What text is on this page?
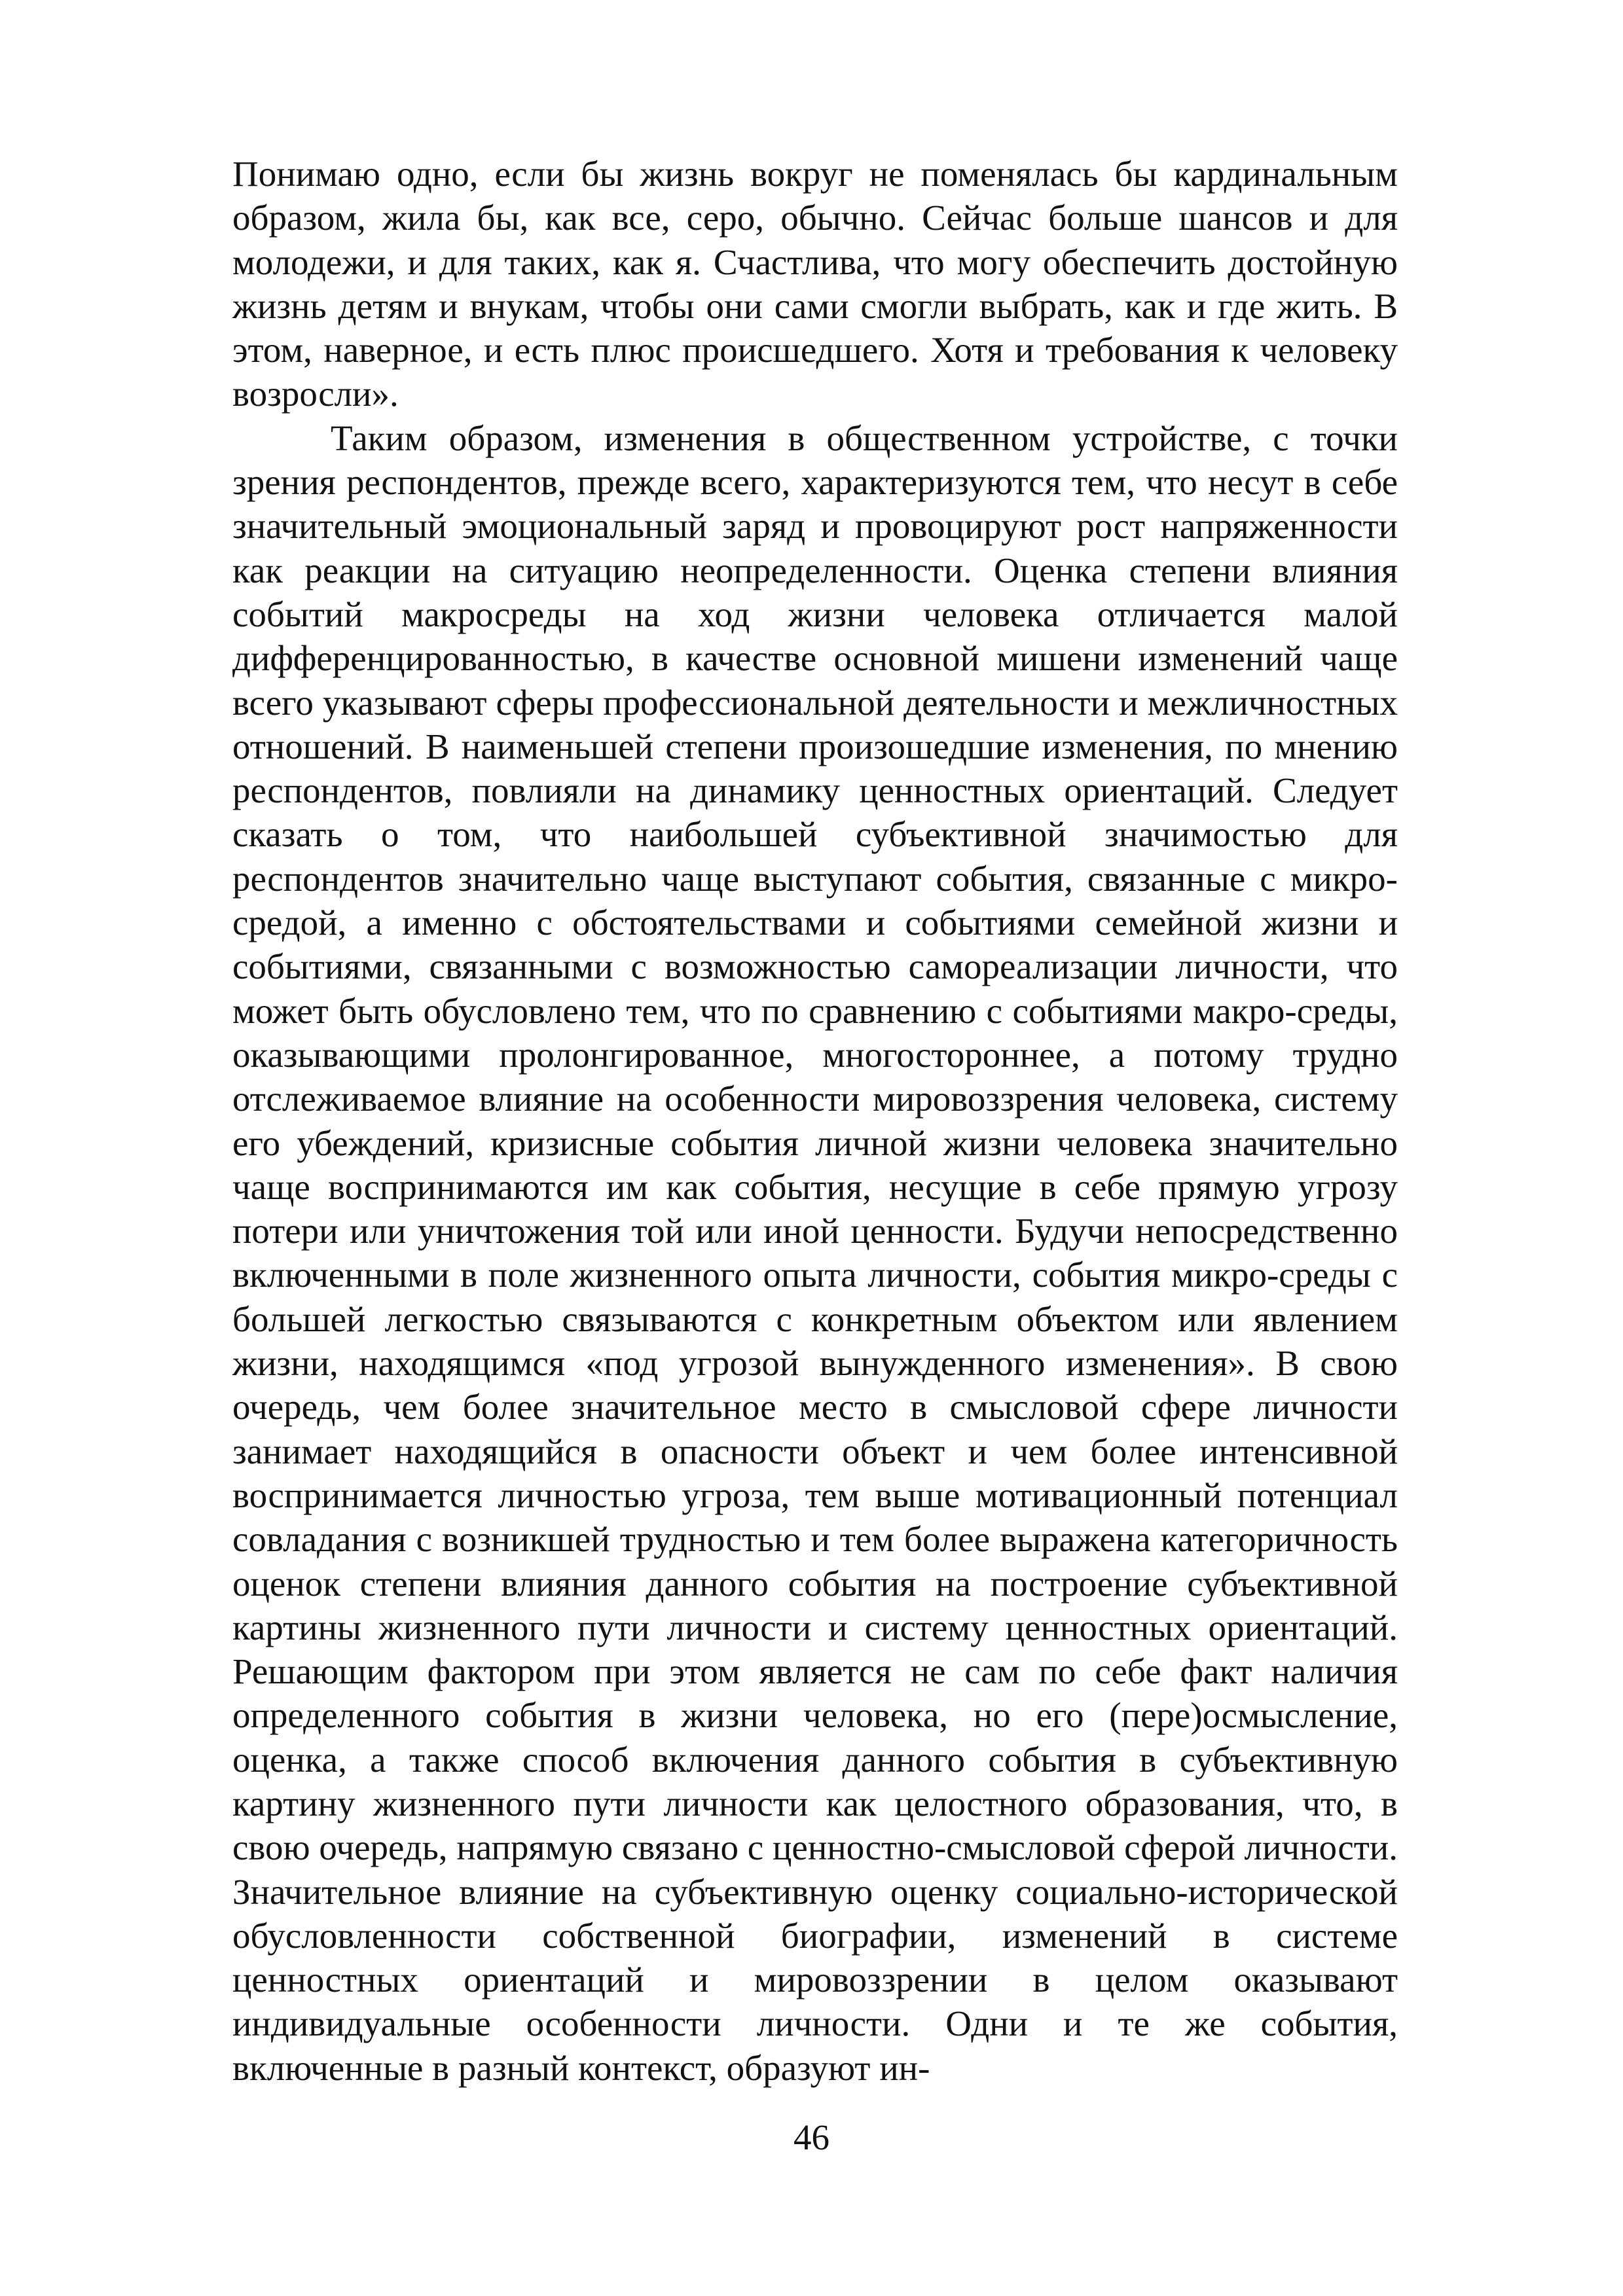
Понимаю одно, если бы жизнь вокруг не поменялась бы кардинальным образом, жила бы, как все, серо, обычно. Сейчас больше шансов и для молодежи, и для таких, как я. Счастлива, что могу обеспечить достойную жизнь детям и внукам, чтобы они сами смогли выбрать, как и где жить. В этом, наверное, и есть плюс происшедшего. Хотя и требования к человеку возросли».

Таким образом, изменения в общественном устройстве, с точки зрения респондентов, прежде всего, характеризуются тем, что несут в себе значительный эмоциональный заряд и провоцируют рост напряженности как реакции на ситуацию неопределенности. Оценка степени влияния событий макросреды на ход жизни человека отличается малой дифференцированностью, в качестве основной мишени изменений чаще всего указывают сферы профессиональной деятельности и межличностных отношений. В наименьшей степени произошедшие изменения, по мнению респондентов, повлияли на динамику ценностных ориентаций. Следует сказать о том, что наибольшей субъективной значимостью для респондентов значительно чаще выступают события, связанные с микро-средой, а именно с обстоятельствами и событиями семейной жизни и событиями, связанными с возможностью самореализации личности, что может быть обусловлено тем, что по сравнению с событиями макро-среды, оказывающими пролонгированное, многостороннее, а потому трудно отслеживаемое влияние на особенности мировоззрения человека, систему его убеждений, кризисные события личной жизни человека значительно чаще воспринимаются им как события, несущие в себе прямую угрозу потери или уничтожения той или иной ценности. Будучи непосредственно включенными в поле жизненного опыта личности, события микро-среды с большей легкостью связываются с конкретным объектом или явлением жизни, находящимся «под угрозой вынужденного изменения». В свою очередь, чем более значительное место в смысловой сфере личности занимает находящийся в опасности объект и чем более интенсивной воспринимается личностью угроза, тем выше мотивационный потенциал совладания с возникшей трудностью и тем более выражена категоричность оценок степени влияния данного события на построение субъективной картины жизненного пути личности и систему ценностных ориентаций. Решающим фактором при этом является не сам по себе факт наличия определенного события в жизни человека, но его (пере)осмысление, оценка, а также способ включения данного события в субъективную картину жизненного пути личности как целостного образования, что, в свою очередь, напрямую связано с ценностно-смысловой сферой личности. Значительное влияние на субъективную оценку социально-исторической обусловленности собственной биографии, изменений в системе ценностных ориентаций и мировоззрении в целом оказывают индивидуальные особенности личности. Одни и те же события, включенные в разный контекст, образуют ин-

46
